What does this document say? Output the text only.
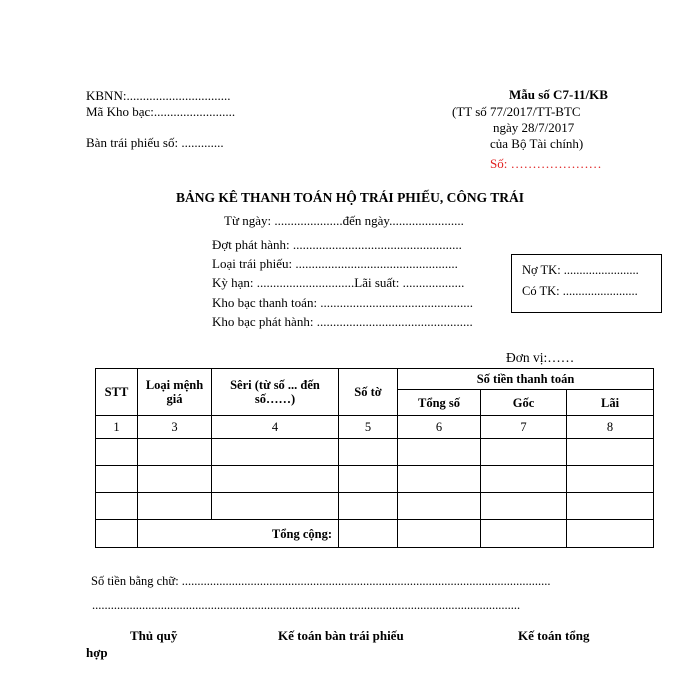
KBNN:................................
Mã Kho bạc:.........................
Bàn trái phiếu số: .............
Mẫu số C7-11/KB
(TT số 77/2017/TT-BTC
ngày 28/7/2017
của Bộ Tài chính)
Số: …………………
BẢNG KÊ THANH TOÁN HỘ TRÁI PHIẾU, CÔNG TRÁI
Từ ngày: .....................đến ngày.......................
Đợt phát hành: ....................................................
Loại trái phiếu: ..................................................
Kỳ hạn: ..............................Lãi suất: ...................
Kho bạc thanh toán: ...............................................
Kho bạc phát hành: ................................................
Nợ TK: ........................
Có TK: ........................
Đơn vị:……
STT	Loại mệnh giá	Sêri (từ số ... đến số……)	Số tờ	Số tiền thanh toán		
				Tổng số	Gốc	Lãi
1	3	4	5	6	7	8

	Tổng cộng:					
Số tiền bằng chữ: ......................................................................................................................
.........................................................................................................................................
Thủ quỹ	Kế toán bàn trái phiếu	Kế toán tổng
hợp
